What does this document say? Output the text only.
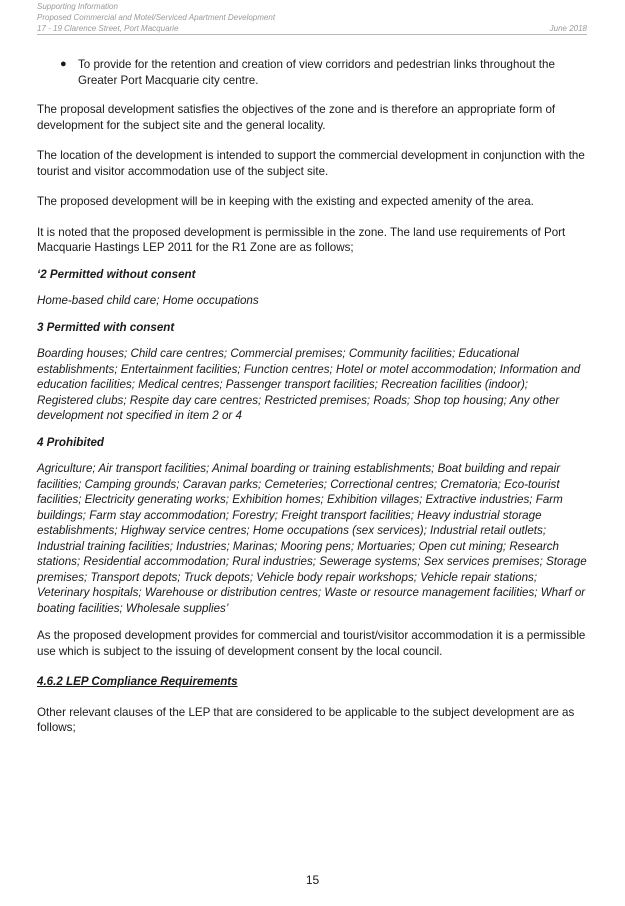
Supporting Information
Proposed Commercial and Motel/Serviced Apartment Development
17 - 19 Clarence Street, Port Macquarie	June 2018
● To provide for the retention and creation of view corridors and pedestrian links throughout the Greater Port Macquarie city centre.

The proposal development satisfies the objectives of the zone and is therefore an appropriate form of development for the subject site and the general locality.

The location of the development is intended to support the commercial development in conjunction with the tourist and visitor accommodation use of the subject site.

The proposed development will be in keeping with the existing and expected amenity of the area.

It is noted that the proposed development is permissible in the zone. The land use requirements of Port Macquarie Hastings LEP 2011 for the R1 Zone are as follows;

‘2 Permitted without consent

Home-based child care; Home occupations

3 Permitted with consent

Boarding houses; Child care centres; Commercial premises; Community facilities; Educational establishments; Entertainment facilities; Function centres; Hotel or motel accommodation; Information and education facilities; Medical centres; Passenger transport facilities; Recreation facilities (indoor); Registered clubs; Respite day care centres; Restricted premises; Roads; Shop top housing; Any other development not specified in item 2 or 4

4 Prohibited

Agriculture; Air transport facilities; Animal boarding or training establishments; Boat building and repair facilities; Camping grounds; Caravan parks; Cemeteries; Correctional centres; Crematoria; Eco-tourist facilities; Electricity generating works; Exhibition homes; Exhibition villages; Extractive industries; Farm buildings; Farm stay accommodation; Forestry; Freight transport facilities; Heavy industrial storage establishments; Highway service centres; Home occupations (sex services); Industrial retail outlets; Industrial training facilities; Industries; Marinas; Mooring pens; Mortuaries; Open cut mining; Research stations; Residential accommodation; Rural industries; Sewerage systems; Sex services premises; Storage premises; Transport depots; Truck depots; Vehicle body repair workshops; Vehicle repair stations; Veterinary hospitals; Warehouse or distribution centres; Waste or resource management facilities; Wharf or boating facilities; Wholesale supplies’

As the proposed development provides for commercial and tourist/visitor accommodation it is a permissible use which is subject to the issuing of development consent by the local council.

4.6.2 LEP Compliance Requirements

Other relevant clauses of the LEP that are considered to be applicable to the subject development are as follows;

15
